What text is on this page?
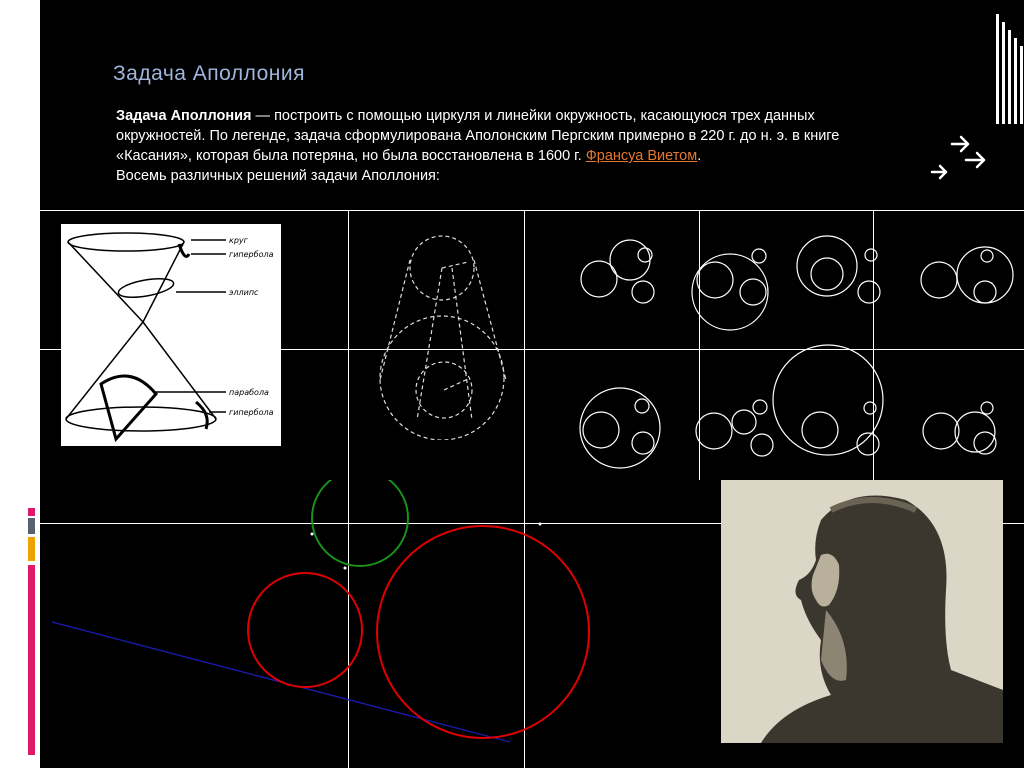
Задача Аполлония
Задача Аполлония — построить с помощью циркуля и линейки окружность, касающуюся трех данных окружностей. По легенде, задача сформулирована Аполонским Пергским примерно в 220 г. до н. э. в книге «Касания», которая была потеряна, но была восстановлена в 1600 г. Франсуа Виетом.
Восемь различных решений задачи Аполлония:
круг
гипербола
эллипс
парабола
гипербола
